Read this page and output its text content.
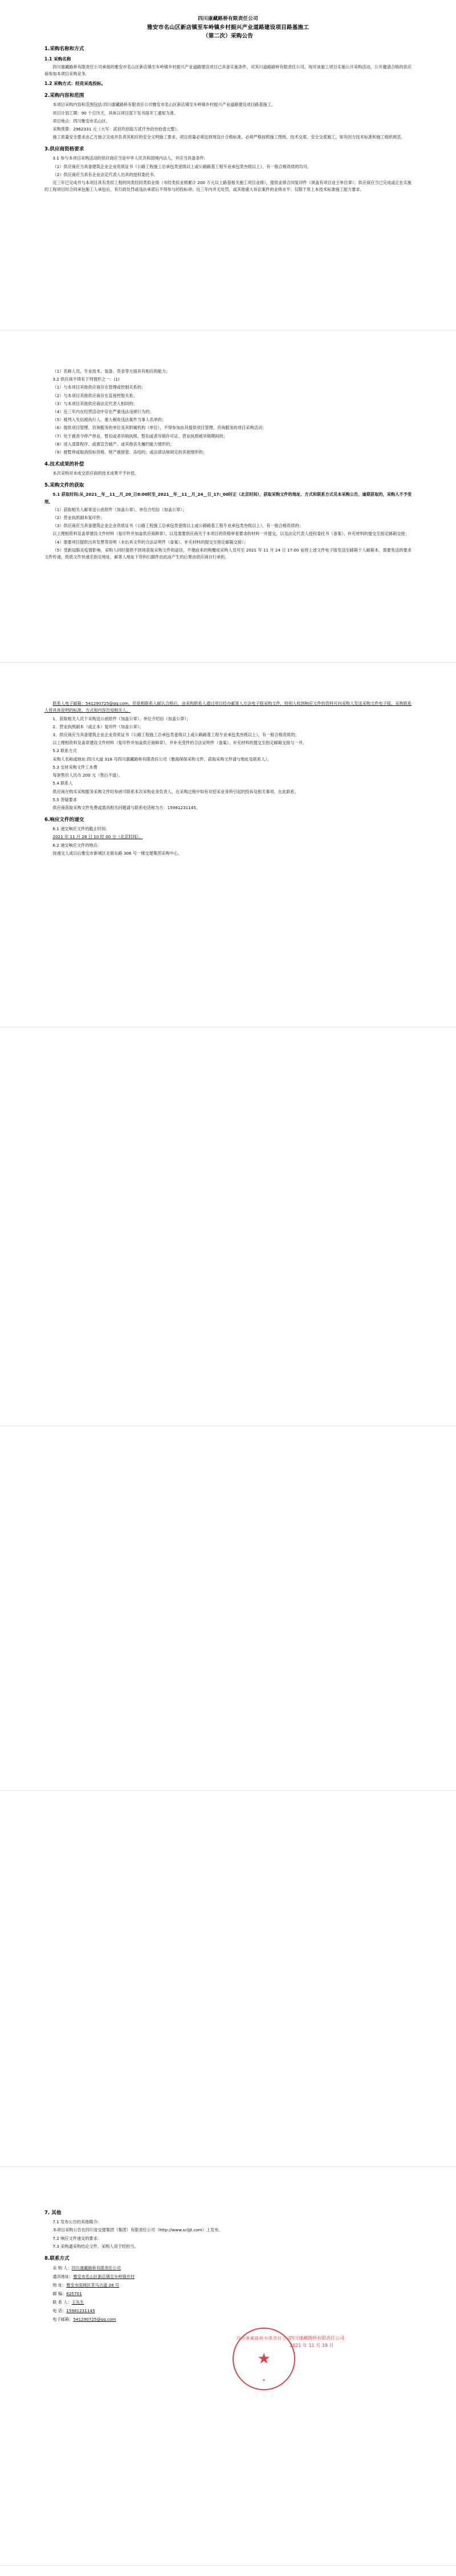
四川康藏路桥有限责任公司
雅安市名山区新店镇至车岭镇乡村振兴产业道路建设项目路基施工
（第二次）采购公告
1.采购名称和方式
1.1 采购名称

四川康藏路桥有限责任公司承接的雅安市名山区新店镇至车岭镇乡村振兴产业道路建设项目已具备实施条件，对其川道路路桥有限责任公司，现对该施工项目实施公开采购活动，公开邀请合格的供应商参加本项目采购竞争。

1.2 采购方式：经竞采选投标。
2.采购内容和范围

本项目采购内容和范围包括:四川康藏路桥有限责任公司雅安市名山区新店镇至车岭镇乡村振兴产业道路建设项目路基施工。

项目计划工期：90 个日历天，具体以项目部下发书面开工通知为准。

项目地点：四川雅安市名山区。

采购预算：2962331 元（大写：贰佰玖拾陆万贰仟叁佰叁拾壹元整）。

施工质量安全要求由乙方独立完成并负责其相应的安全文明施工要求，项目质量必须达到现设计合格标准，必须严格按照施工图纸、技术交底、安全交底施工，如有因方技术标准和施工组织规范。

3.供应商资格要求

3.1 参与本项目采购活动的供应商应当是中华人民共和国境内法人，并应当具备条件:

（1）供应商应当具备建筑企业企业资质证书（公路工程施工总承包类壹级以上或公路路基工程专业承包类叁级以上），有一般合格资质的均可。

（2）供应商应当具有企业法定代表人出具的授权委托书。

近三年已完成并与本项目具有类似工程的同类经同类似业绩（市经类似业绩累计 200 万元以上路基相关施工项目业绩），提供业绩合同复印件（须盖有项目业主单位章）；供应商应当已完成或正在实施的工程项目时合同承包施工人承包后，有行政处罚或违法承诺后不得参与的投标项；近三年内并无处罚，或其他重大诉讼案件的业绩水平；仅限于原上本技术标准施工能力要求。

（1）名称人员、专业技术、装备、资金等方面具有相应的能力；

3.2 供应商不得有下列情形之一：(1)

（1）与本项目其他供应商存在管理或控制关系的；

（2）与本项目其他供应商存在直接控股关系；

（3）与本项目其他供应商法定代表人相同的；

（4）近三年内在经营活动中存在严重违法违规行为的；

（5）被列入失信被执行人、重大税收违法案件当事人名单的；

（6）提供项目管理、咨询服务的单位及其附属机构（单位），不得参加由其提供项目管理、咨询服务的项目采购活动；

（7）处于被责令停产停业、暂扣或者吊销执照、暂扣或者吊销许可证、营业执照被吊销期间的；

（8）进入清算程序、或被宣告破产、或其他丧失履约能力情形的；

（9）被暂停或取消投标资格、财产被接管、冻结的；或法律法规规定的其他情形的；

4.技术成果的补偿

本次采购对本成交供应商的技术成果不予补偿。

5.采购文件的获取

5.1 获取时间:从_2021__年__11__月_20_日8:00时至_2021__年__11__月_24__日_17:_00时正（北京时间），获取采购文件的地址、方式和联系方式见本采购公告，逾期获取的，采购人不予受理。

（1）获取相关人邮寄送公函原件（加盖公章）、单位介绍信（加盖公章）；

（2）营业执照副本复印件；

（3）供应商应当具备建筑企业企业资质证书（公路工程施工总承包类壹级以上或公路路基工程专业承包类叁级以上），有一般合格资质的；

以上理相资料及盖章建设文件材料（复印件并加盖供应商鲜章），以及需要供应商关于本项目的资格审查要求的材料一并提交，以及法定代表人授权委托书（备案）、补充材料的提交至指定邮箱交接；

（4）需要项目提供出具发票等说明（未出具文件的合法证明件（备案）、补充材料的提交至指定邮箱交接）；

（5）受新冠肺炎疫情影响，采购人同时提供不到场获取采购文件的途径，不便前来的购赠成采购人员可至 2021 年 11 月 24 日 17:00 前将上述文件电子版发送至邮箱个人邮箱本，需要免送的要求文件传递，纸质文件快递至指定地址，邮寄人地址下资料扫描件由此而产生的后果由供应商自行承担。

联系人电子邮箱：541290725@qq.com，但是相联系人邮认合格后，由采购联系人通过项目经办邮寄人方法电子版采购文件，特别人收到响应文件的资料可向采购人发送采购文件电子版，采购联系人将具体说明的标准、方式和内容告知相关人。

1、获取相关人员下采购送公函原件（加盖公章）、单位介绍信（加盖公章）；

2、营业执照副本（或正本）复印件（加盖公章）；

3、供应商应当具备建筑企业企业资质证书（公路工程施工总承包类壹级以上或公路路基工程专业承包类叁级以上），有一般合格资质的；

以上理相资料及盖章建设文件材料（复印件并加盖供应商鲜章）、并补充受件的合法证明件（备案）、补充材料的提交至指定邮箱交接与一并。

5.2 联系方式

采购人名称或地址:四川大道 318 号四川康藏路桥有限责任公司（雅海保保采购文件、获取采购文件请与地址及联系人）。

5.3 交材采购文件工本费

每套售价人民币 200 元（售后不退）。

5.4 联系人

供应商在购买采购服务采购文件时参函可联系本次采购业务负责人，在采购过程中如有对招采业务所引起的投诉及相关事项，在此联系。

5.5 答疑要求

供应商获取采购文件免费或需具相关问题请与联系电话称为方：15981231145。

6.响应文件的递交

6.1 递交响应文件的截止时间:

2021 年 11 月 28 日 10 时 00 分（北京时间）。

6.2 递交响应文件的地点:

按递交人成以后雅安市新城区北街东路 306 号一楼交建集团采购中心。

7. 其他

7.1 发布公告的其他媒介:

本项目采购公告在四川省交建集团（集团）有限责任公司（http://www.scljjt.com）上发布。

7.2 响应文件递交的要求:

7.3 采购通采购结论文件、采购人用于经担当。

8.联系方式
采 购 人：四川康藏路桥有限责任公司
通讯地址：雅安市名山区新店镇至车岭镇乡村
地 址：雅安市雨城区茶马古道 28 号
邮 编：625701
联 系 人：王先生
电 话：15981231145
电子邮箱：541290725@qq.com
四川康藏路桥有限责任公司
★
★
四川康藏路桥有限责任公司
2021 年 11 月 19 日
